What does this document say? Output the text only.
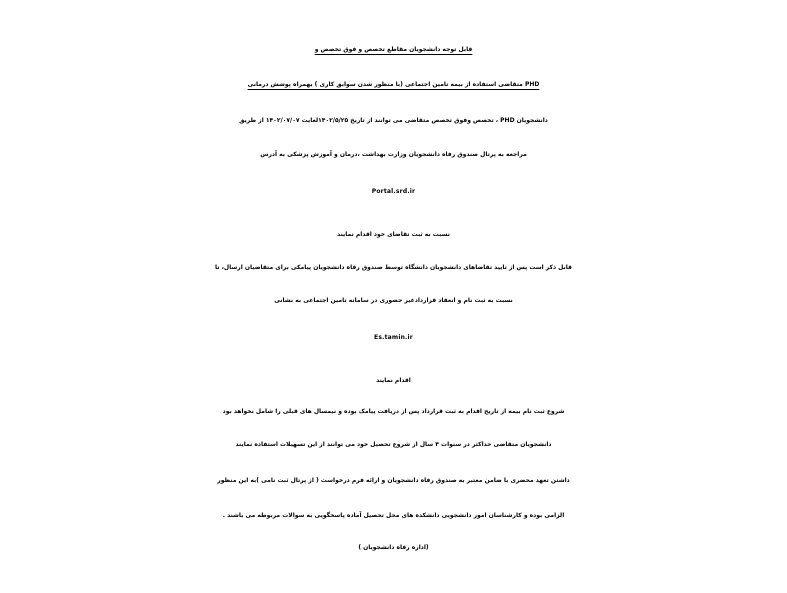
قابل توجه دانشجویان مقاطع تخصص و فوق تخصص و
PHD متقاضی استفاده از بیمه تامین اجتماعی (با منظور شدن سوابق کاری ) بهمراه پوشش درمانی
دانشجویان PHD ، تخصص وفوق تخصص متقاضی می توانند از تاریخ ۱۴۰۲/۵/۲۵لغایت ۱۴۰۲/۰۷/۰۷ از طریق
مراجعه به پرتال صندوق رفاه دانشجویان وزارت بهداشت ،درمان و آموزش پزشکی به آدرس
Portal.srd.ir
نسبت به ثبت تقاضای خود اقدام نمایند
قابل ذکر است پس از تایید تقاضاهای دانشجویان دانشگاه توسط صندوق رفاه دانشجویان پیامکی برای متقاضیان ارسال، تا
نسبت به ثبت نام و انعقاد قراردادغیر حضوری در سامانه تامین اجتماعی به نشانی
Es.tamin.ir
اقدام نمایند
شروع ثبت نام بیمه از تاریخ اقدام به ثبت قرارداد پس از دریافت پیامک بوده و نیمسال های قبلی را شامل نخواهد بود
دانشجویان متقاضی حداکثر در سنوات ۴ سال از شروع تحصیل خود می توانند از این تسهیلات استفاده نمایند
داشتن تعهد محضری با ضامن معتبر به صندوق رفاه دانشجویان و ارائه فرم درخواست ( از پرتال ثبت نامی )به این منظور
الزامی بوده و کارشناسان امور دانشجویی دانشکده های محل تحصیل آماده پاسخگویی به سوالات مربوطه می باشند .
(اداره رفاه دانشجویان )
